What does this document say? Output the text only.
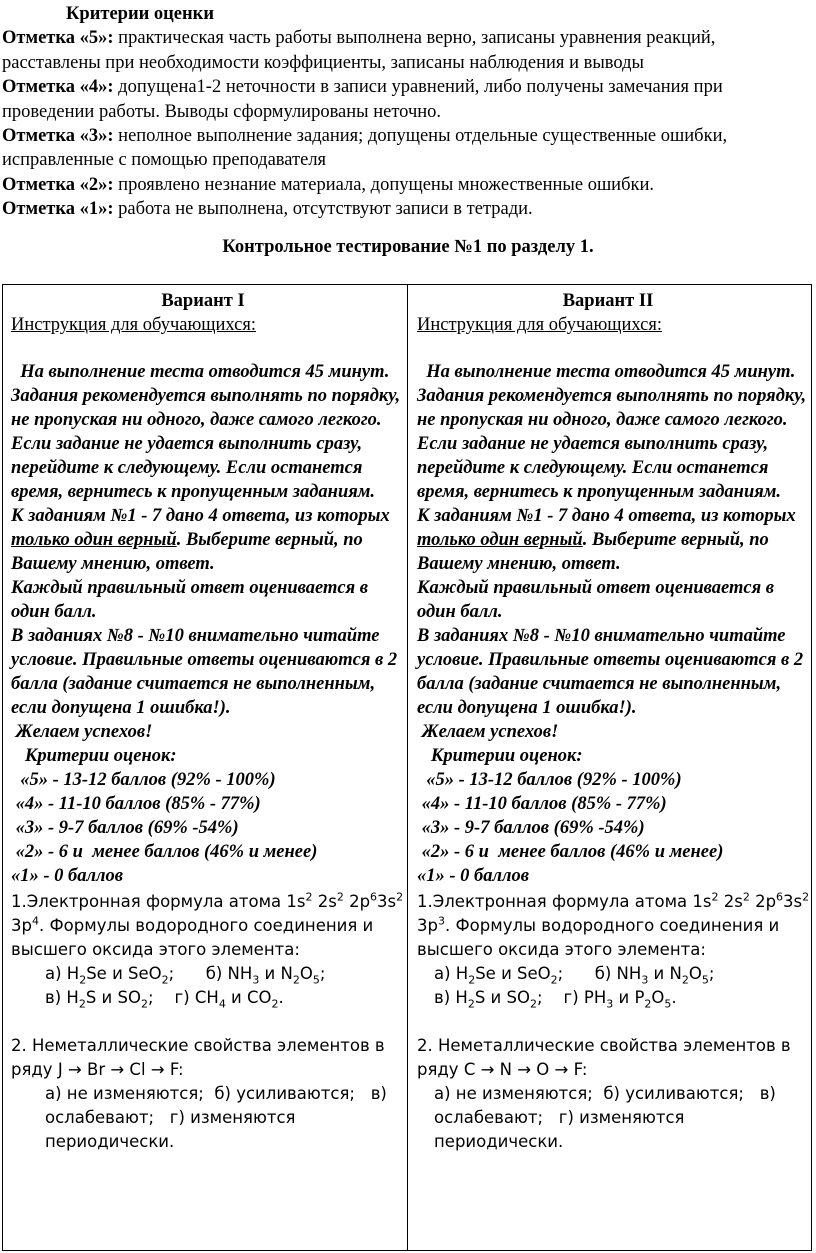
Критерии оценки

Отметка «5»: практическая часть работы выполнена верно, записаны уравнения реакций, расставлены при необходимости коэффициенты, записаны наблюдения и выводы

Отметка «4»: допущена1-2 неточности в записи уравнений, либо получены замечания при проведении работы. Выводы сформулированы неточно.

Отметка «3»: неполное выполнение задания; допущены отдельные существенные ошибки, исправленные с помощью преподавателя

Отметка «2»: проявлено незнание материала, допущены множественные ошибки.

Отметка «1»: работа не выполнена, отсутствуют записи в тетради.

Контрольное тестирование №1 по разделу 1.
Вариант I
Инструкция для обучающихся:

На выполнение теста отводится 45 минут.

Задания рекомендуется выполнять по порядку, не пропуская ни одного, даже самого легкого. Если задание не удается выполнить сразу, перейдите к следующему. Если останется время, вернитесь к пропущенным заданиям.

К заданиям №1 - 7 дано 4 ответа, из которых только один верный. Выберите верный, по Вашему мнению, ответ.

Каждый правильный ответ оценивается в один балл.

В заданиях №8 - №10 внимательно читайте условие. Правильные ответы оцениваются в 2 балла (задание считается не выполненным, если допущена 1 ошибка!).

Желаем успехов!

Критерии оценок:

«5» - 13-12 баллов (92% - 100%)

«4» - 11-10 баллов (85% - 77%)

«3» - 9-7 баллов (69% -54%)

«2» - 6 и  менее баллов (46% и менее)

«1» - 0 баллов

1.Электронная формула атома $1s^2$ $2s^2$ $2p^63s^2$ $3p^4$. Формулы водородного соединения и высшего оксида этого элемента:

а) $H_2Se$ и SeO$_2$; б) $NH_3$ и $N_2O_5$;

в) $H_2S$ и $SO_2$; г) $CH_4$ и $CO_2$.

2. Неметаллические свойства элементов в ряду J → Br → Cl → F:

а) не изменяются; б) усиливаются; в) ослабевают; г) изменяются периодически.

Вариант II
Инструкция для обучающихся:

На выполнение теста отводится 45 минут.

Задания рекомендуется выполнять по порядку, не пропуская ни одного, даже самого легкого. Если задание не удается выполнить сразу, перейдите к следующему. Если останется время, вернитесь к пропущенным заданиям.

К заданиям №1 - 7 дано 4 ответа, из которых только один верный. Выберите верный, по Вашему мнению, ответ.

Каждый правильный ответ оценивается в один балл.

В заданиях №8 - №10 внимательно читайте условие. Правильные ответы оцениваются в 2 балла (задание считается не выполненным, если допущена 1 ошибка!).

Желаем успехов!

Критерии оценок:

«5» - 13-12 баллов (92% - 100%)

«4» - 11-10 баллов (85% - 77%)

«3» - 9-7 баллов (69% -54%)

«2» - 6 и  менее баллов (46% и менее)

«1» - 0 баллов

1.Электронная формула атома $1s^2$ $2s^2$ $2p^63s^2$ $3p^3$. Формулы водородного соединения и высшего оксида этого элемента:

а) $H_2Se$ и SeO$_2$; б) $NH_3$ и $N_2O_5$;

в) $H_2S$ и $SO_2$; г) $PH_3$ и $P_2O_5$.

2. Неметаллические свойства элементов в ряду C → N → O → F:

а) не изменяются; б) усиливаются; в) ослабевают; г) изменяются периодически.
